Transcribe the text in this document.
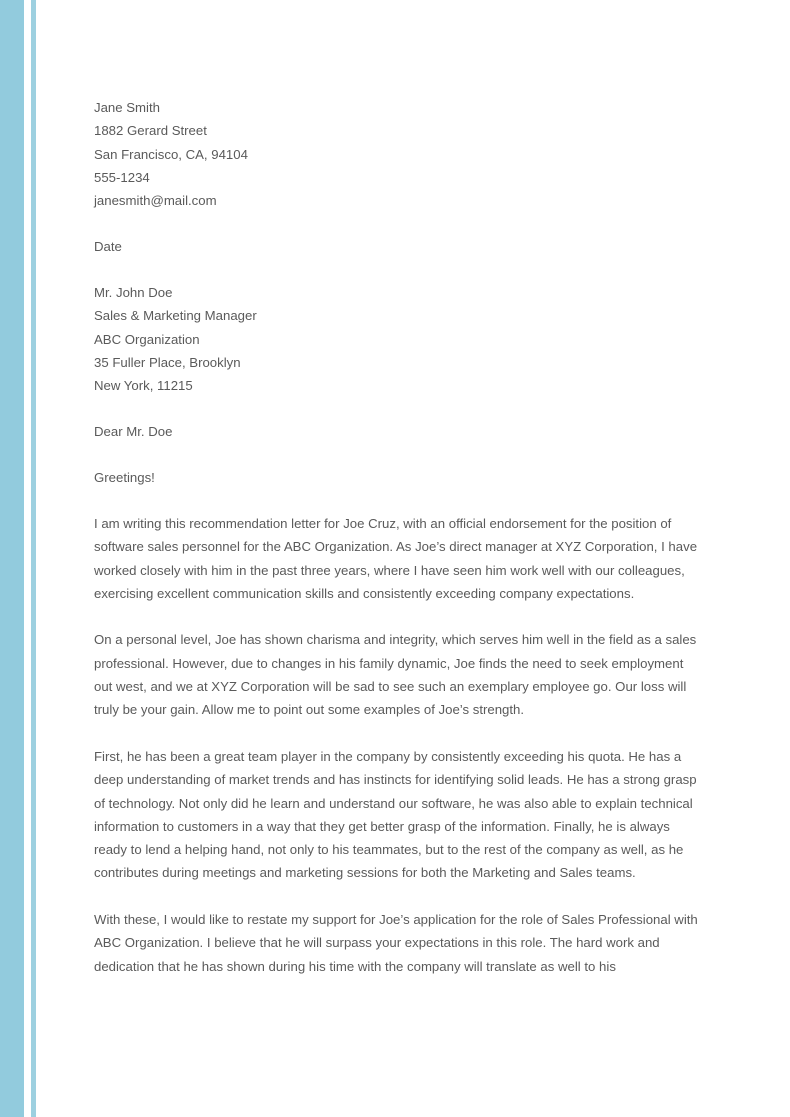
Jane Smith
1882 Gerard Street
San Francisco, CA, 94104
555-1234
janesmith@mail.com
Date
Mr. John Doe
Sales & Marketing Manager
ABC Organization
35 Fuller Place, Brooklyn
New York, 11215
Dear Mr. Doe
Greetings!

I am writing this recommendation letter for Joe Cruz, with an official endorsement for the position of software sales personnel for the ABC Organization. As Joe’s direct manager at XYZ Corporation, I have worked closely with him in the past three years, where I have seen him work well with our colleagues, exercising excellent communication skills and consistently exceeding company expectations.

On a personal level, Joe has shown charisma and integrity, which serves him well in the field as a sales professional. However, due to changes in his family dynamic, Joe finds the need to seek employment out west, and we at XYZ Corporation will be sad to see such an exemplary employee go. Our loss will truly be your gain. Allow me to point out some examples of Joe’s strength.

First, he has been a great team player in the company by consistently exceeding his quota. He has a deep understanding of market trends and has instincts for identifying solid leads. He has a strong grasp of technology. Not only did he learn and understand our software, he was also able to explain technical information to customers in a way that they get better grasp of the information. Finally, he is always ready to lend a helping hand, not only to his teammates, but to the rest of the company as well, as he contributes during meetings and marketing sessions for both the Marketing and Sales teams.

With these, I would like to restate my support for Joe’s application for the role of Sales Professional with ABC Organization. I believe that he will surpass your expectations in this role. The hard work and dedication that he has shown during his time with the company will translate as well to his
